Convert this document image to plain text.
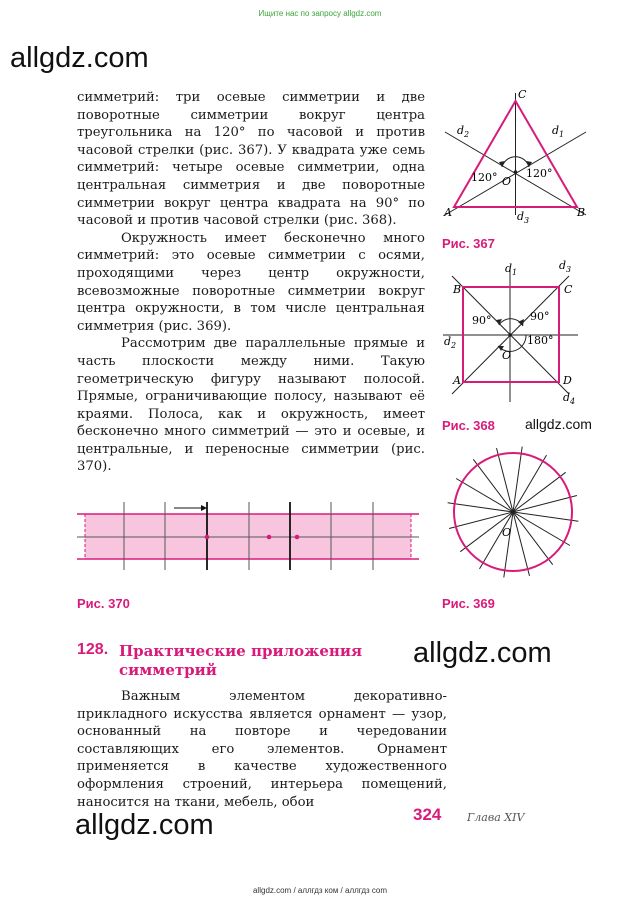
Ищите нас по запросу allgdz.com
allgdz.com

симметрий: три осевые симметрии и две поворотные симметрии вокруг центра треугольника на 120° по часовой и против часовой стрелки (рис. 367). У квадрата уже семь симметрий: четыре осевые симметрии, одна центральная симметрия и две поворотные симметрии вокруг центра квадрата на 90° по часовой и против часовой стрелки (рис. 368).

Окружность имеет бесконечно много симметрий: это осевые симметрии с осями, проходящими через центр окружности, всевозможные поворотные симметрии вокруг центра окружности, в том числе центральная симметрия (рис. 369).

Рассмотрим две параллельные прямые и часть плоскости между ними. Такую геометрическую фигуру называют полосой. Прямые, ограничивающие полосу, называют её краями. Полоса, как и окружность, имеет бесконечно много симметрий — это и осевые, и центральные, и переносные симметрии (рис. 370).

A	B
C
O
120°	120°
$d_2$	$d_1$
$d_3$
Рис. 367
B	C
A	D
O
90°	90°
180°
$d_1$
$d_3$
$d_2$
$d_4$
Рис. 368 allgdz.com
O
Рис. 369
Рис. 370
128. Практические приложения симметрий
allgdz.com

Важным элементом декоративно-прикладного искусства является орнамент — узор, основанный на повторе и чередовании составляющих его элементов. Орнамент применяется в качестве художественного оформления строений, интерьера помещений, наносится на ткани, мебель, обои

324 Глава XIV
allgdz.com
allgdz.com / аллгдз ком / аллгдз com
